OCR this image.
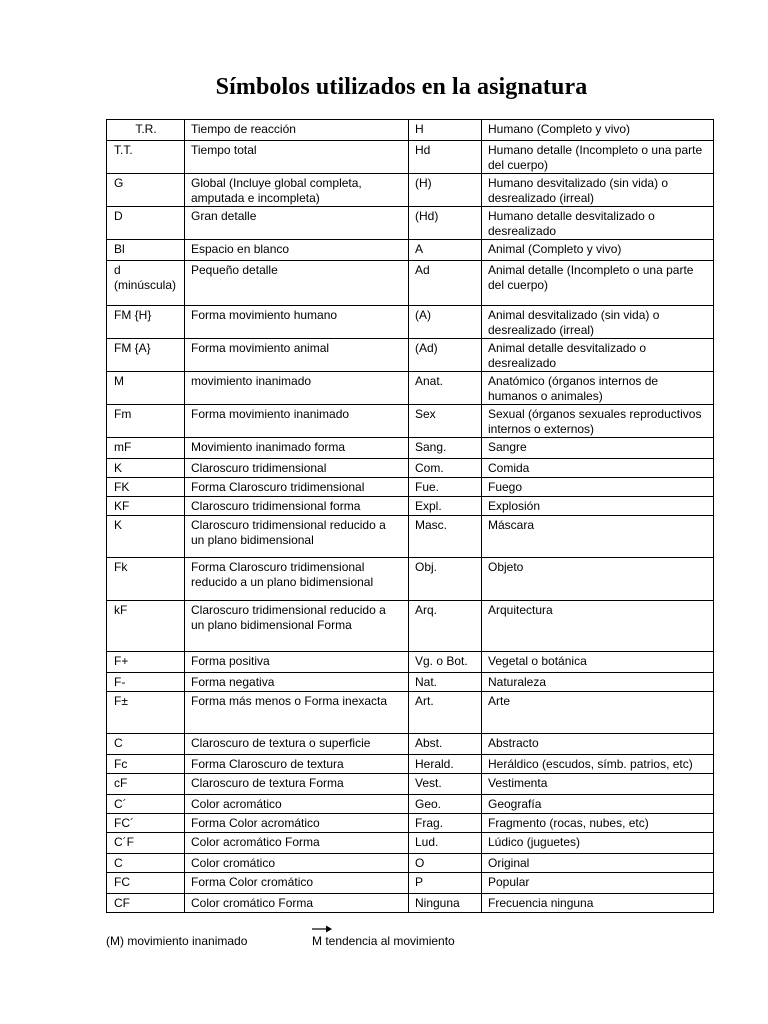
Símbolos utilizados en la asignatura
T.R.	Tiempo de reacción	H	Humano (Completo y vivo)
T.T.	Tiempo total	Hd	Humano detalle (Incompleto o una parte del cuerpo)
G	Global (Incluye global completa, amputada e incompleta)	(H)	Humano desvitalizado (sin vida) o desrealizado (irreal)
D	Gran detalle	(Hd)	Humano detalle desvitalizado o desrealizado
Bl	Espacio en blanco	A	Animal (Completo y vivo)
d (minúscula)	Pequeño detalle	Ad	Animal detalle (Incompleto o una parte del cuerpo)
FM {H}	Forma movimiento humano	(A)	Animal desvitalizado (sin vida) o desrealizado (irreal)
FM {A}	Forma movimiento animal	(Ad)	Animal detalle desvitalizado o desrealizado
M	movimiento inanimado	Anat.	Anatómico (órganos internos de humanos o animales)
Fm	Forma movimiento inanimado	Sex	Sexual (órganos sexuales reproductivos internos o externos)
mF	Movimiento inanimado forma	Sang.	Sangre
K	Claroscuro tridimensional	Com.	Comida
FK	Forma Claroscuro tridimensional	Fue.	Fuego
KF	Claroscuro tridimensional forma	Expl.	Explosión
K	Claroscuro tridimensional reducido a un plano bidimensional	Masc.	Máscara
Fk	Forma Claroscuro tridimensional reducido a un plano bidimensional	Obj.	Objeto
kF	Claroscuro tridimensional reducido a un plano bidimensional Forma	Arq.	Arquitectura
F+	Forma positiva	Vg. o Bot.	Vegetal o botánica
F-	Forma negativa	Nat.	Naturaleza
F±	Forma más menos o Forma inexacta	Art.	Arte
C	Claroscuro de textura o superficie	Abst.	Abstracto
Fc	Forma Claroscuro de textura	Herald.	Heráldico (escudos, símb. patrios, etc)
cF	Claroscuro de textura Forma	Vest.	Vestimenta
C´	Color acromático	Geo.	Geografía
FC´	Forma Color acromático	Frag.	Fragmento (rocas, nubes, etc)
C´F	Color acromático Forma	Lud.	Lúdico (juguetes)
C	Color cromático	O	Original
FC	Forma Color cromático	P	Popular
CF	Color cromático Forma	Ninguna	Frecuencia ninguna
(M) movimiento inanimado	M tendencia al movimiento
